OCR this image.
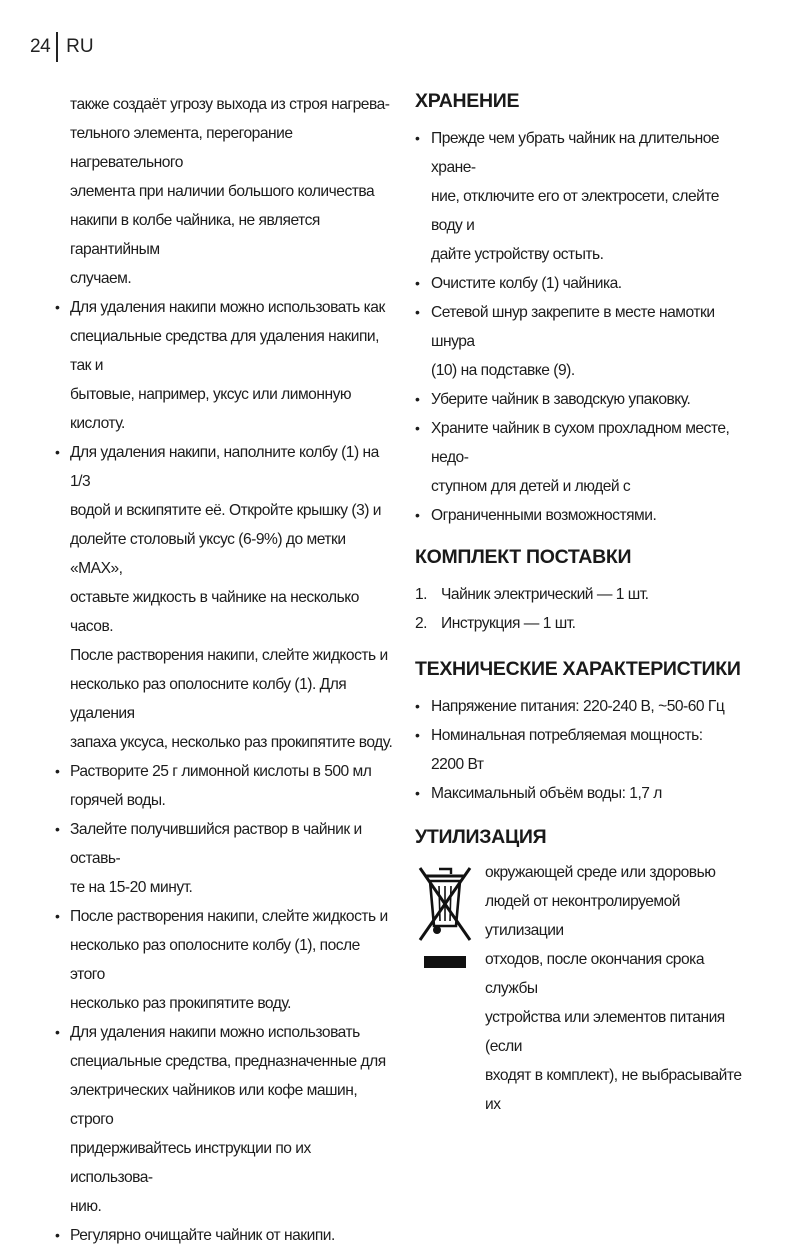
24 RU
также создаёт угрозу выхода из строя нагрева-
тельного элемента, перегорание нагревательного
элемента при наличии большого количества
накипи в колбе чайника, не является гарантийным
случаем.
• Для удаления накипи можно использовать как
специальные средства для удаления накипи, так и
бытовые, например, уксус или лимонную кислоту.
• Для удаления накипи, наполните колбу (1) на 1/3
водой и вскипятите её. Откройте крышку (3) и
долейте столовый уксус (6-9%) до метки «MAX»,
оставьте жидкость в чайнике на несколько часов.
После растворения накипи, слейте жидкость и
несколько раз ополосните колбу (1). Для удаления
запаха уксуса, несколько раз прокипятите воду.
• Растворите 25 г лимонной кислоты в 500 мл
горячей воды.
• Залейте получившийся раствор в чайник и оставь-
те на 15-20 минут.
• После растворения накипи, слейте жидкость и
несколько раз ополосните колбу (1), после этого
несколько раз прокипятите воду.
• Для удаления накипи можно использовать
специальные средства, предназначенные для
электрических чайников или кофе машин, строго
придерживайтесь инструкции по их использова-
нию.
• Регулярно очищайте чайник от накипи.
ХРАНЕНИЕ
• Прежде чем убрать чайник на длительное хране-
ние, отключите его от электросети, слейте воду и
дайте устройству остыть.
• Очистите колбу (1) чайника.
• Сетевой шнур закрепите в месте намотки шнура
(10) на подставке (9).
• Уберите чайник в заводскую упаковку.
• Храните чайник в сухом прохладном месте, недо-
ступном для детей и людей с
• Ограниченными возможностями.
КОМПЛЕКТ ПОСТАВКИ
1. Чайник электрический — 1 шт.
2. Инструкция — 1 шт.
ТЕХНИЧЕСКИЕ ХАРАКТЕРИСТИКИ
• Напряжение питания: 220-240 В, ~50-60 Гц
• Номинальная потребляемая мощность:
2200 Вт
• Максимальный объём воды: 1,7 л
УТИЛИЗАЦИЯ
окружающей среде или здоровью
людей от неконтролируемой утилизации
отходов, после окончания срока службы
устройства или элементов питания (если
входят в комплект), не выбрасывайте их
